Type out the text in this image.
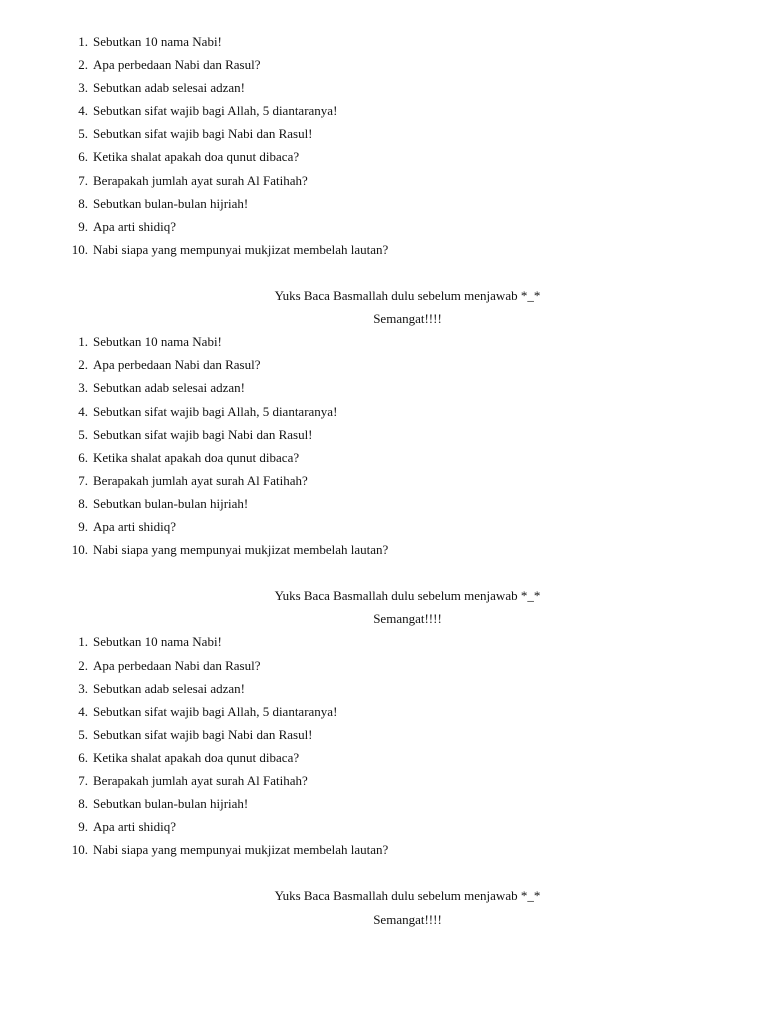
1. Sebutkan 10 nama Nabi!
2. Apa perbedaan Nabi dan Rasul?
3. Sebutkan adab selesai adzan!
4. Sebutkan sifat wajib bagi Allah, 5 diantaranya!
5. Sebutkan sifat wajib bagi Nabi dan Rasul!
6. Ketika shalat apakah doa qunut dibaca?
7. Berapakah jumlah ayat surah Al Fatihah?
8. Sebutkan bulan-bulan hijriah!
9. Apa arti shidiq?
10. Nabi siapa yang mempunyai mukjizat membelah lautan?
Yuks Baca Basmallah dulu sebelum menjawab *_*
Semangat!!!!
1. Sebutkan 10 nama Nabi!
2. Apa perbedaan Nabi dan Rasul?
3. Sebutkan adab selesai adzan!
4. Sebutkan sifat wajib bagi Allah, 5 diantaranya!
5. Sebutkan sifat wajib bagi Nabi dan Rasul!
6. Ketika shalat apakah doa qunut dibaca?
7. Berapakah jumlah ayat surah Al Fatihah?
8. Sebutkan bulan-bulan hijriah!
9. Apa arti shidiq?
10. Nabi siapa yang mempunyai mukjizat membelah lautan?
Yuks Baca Basmallah dulu sebelum menjawab *_*
Semangat!!!!
1. Sebutkan 10 nama Nabi!
2. Apa perbedaan Nabi dan Rasul?
3. Sebutkan adab selesai adzan!
4. Sebutkan sifat wajib bagi Allah, 5 diantaranya!
5. Sebutkan sifat wajib bagi Nabi dan Rasul!
6. Ketika shalat apakah doa qunut dibaca?
7. Berapakah jumlah ayat surah Al Fatihah?
8. Sebutkan bulan-bulan hijriah!
9. Apa arti shidiq?
10. Nabi siapa yang mempunyai mukjizat membelah lautan?
Yuks Baca Basmallah dulu sebelum menjawab *_*
Semangat!!!!
